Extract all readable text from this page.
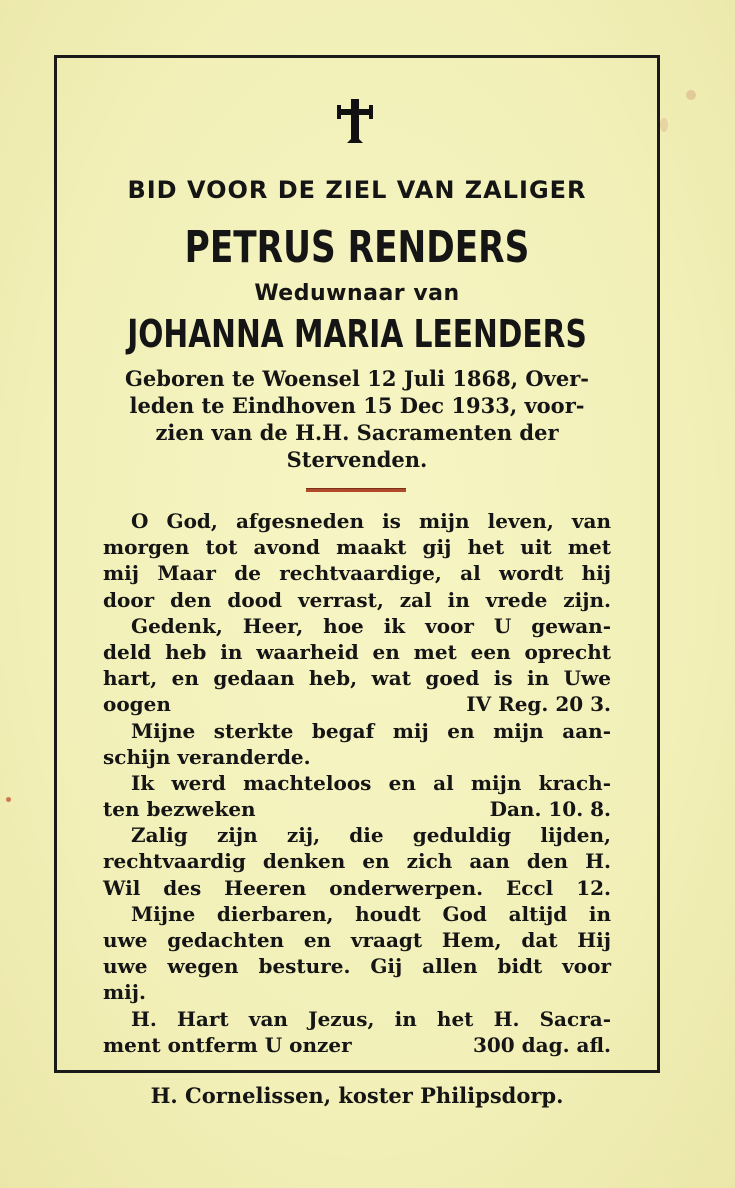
BID VOOR DE ZIEL VAN ZALIGER
PETRUS RENDERS
Weduwnaar van
JOHANNA MARIA LEENDERS
Geboren te Woensel 12 Juli 1868, Over-
leden te Eindhoven 15 Dec 1933, voor-
zien van de H.H. Sacramenten der
Stervenden.
O God, afgesneden is mijn leven, van
morgen tot avond maakt gij het uit met
mij Maar de rechtvaardige, al wordt hij
door den dood verrast, zal in vrede zijn.
Gedenk, Heer, hoe ik voor U gewan-
deld heb in waarheid en met een oprecht
hart, en gedaan heb, wat goed is in Uwe
oogen	IV Reg. 20 3.
Mijne sterkte begaf mij en mijn aan-
schijn veranderde.
Ik werd machteloos en al mijn krach-
ten bezweken	Dan. 10. 8.
Zalig zijn zij, die geduldig lijden,
rechtvaardig denken en zich aan den H.
Wil des Heeren onderwerpen. Eccl 12.
Mijne dierbaren, houdt God altijd in
uwe gedachten en vraagt Hem, dat Hij
uwe wegen besture. Gij allen bidt voor
mij.
H. Hart van Jezus, in het H. Sacra-
ment ontferm U onzer	300 dag. afl.
H. Cornelissen, koster Philipsdorp.
